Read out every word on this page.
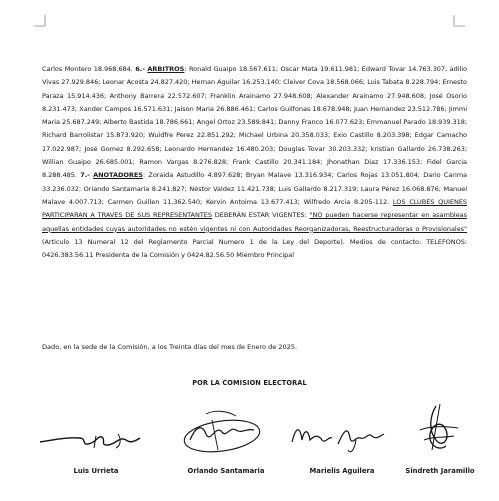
Carlos Montero 18.968.684. 6.- ARBITROS: Ronald Guaipo 18.567.611; Oscar Mata 19.611.981; Edward Tovar 14.763.307; adilio Vivas 27.929.846; Leonar Acosta 24.827.420; Hernan Aguilar 16.253.140; Cleiver Cova 18.568.066; Luis Tabata 8.228.794; Ernesto Paraza 15.914.436; Anthony Barrera 22.572.607; Franklin Arainamo 27.948.608; Alexander Arainamo 27.948.608; José Osorio 8.231.473; Xander Campos 16.571.631; Jaison Maria 26.886.461; Carlos Guilfonas 18.678.948; Juan Hernandez 23.512.786; Jimmi Maria 25.687.249; Alberto Bastida 18.786.661; Angel Ortoz 23.589.841; Danny Franco 16.077.623; Emmanuel Parado 18.939.318; Richard Barrolistar 15.873.920; Wuidfre Perez 22.851.292; Michael Urbina 20.358.033; Exio Castillo 8.203.398; Edgar Camacho 17.022.987; José Gomez 8.292.658; Leonardo Hernandez 16.480.203; Douglas Tovar 30.203.332; kristian Gallardo 26.738.263; Willian Guaipo 26.685.001; Ramon Vargas 8.276.828; Frank Castillo 20.341.184; Jhonathan Diaz 17.336.153; Fidel Garcia 8.288.485. 7.- ANOTADORES: Zoraida Astudillo 4.897.628; Bryan Malave 13.316.934; Carlos Rojas 13.051.804; Dario Carima 33.236.032; Oriando Santamaria 8.241.827; Néstor Valdez 11.421.738; Luis Gallardo 8.217.319; Laura Pérez 16.068.876; Manuel Malave 4.007.713; Carmen Guillen 11.362.540; Kervin Antoima 13.677.413; Wilfredo Arcia 8.205-112. LOS CLUBES QUIENES PARTICIPARAN A TRAVES DE SUS REPRESENTANTES DEBERÁN ESTAR VIGENTES: "NO pueden hacerse representar en asambleas aquellas entidades cuyas autoridades no estén vigentes ni con Autoridades Reorganizadoras, Reestructuradoras o Provisionales" (Articulo 13 Numeral 12 del Reglamento Parcial Numero 1 de la Ley del Deporte). Medios de contacto: TELEFONOS: 0426.383.56.11 Presidenta de la Comisión y 0424.82.56.50 Miembro Principal

Dado, en la sede de la Comisión, a los Treinta días del mes de Enero de 2025.
POR LA COMISION ELECTORAL
Luis Urrieta	Orlando Santamaria	Marielis Aguilera	Sindreth Jaramillo
